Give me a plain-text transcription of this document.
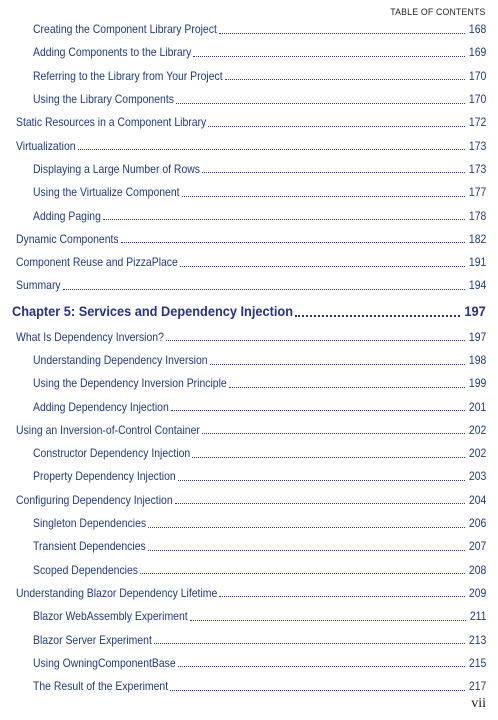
TABLE OF CONTENTS
Creating the Component Library Project	168
Adding Components to the Library	169
Referring to the Library from Your Project	170
Using the Library Components	170
Static Resources in a Component Library	172
Virtualization	173
Displaying a Large Number of Rows	173
Using the Virtualize Component	177
Adding Paging	178
Dynamic Components	182
Component Reuse and PizzaPlace	191
Summary	194
Chapter 5: Services and Dependency Injection	197
What Is Dependency Inversion?	197
Understanding Dependency Inversion	198
Using the Dependency Inversion Principle	199
Adding Dependency Injection	201
Using an Inversion-of-Control Container	202
Constructor Dependency Injection	202
Property Dependency Injection	203
Configuring Dependency Injection	204
Singleton Dependencies	206
Transient Dependencies	207
Scoped Dependencies	208
Understanding Blazor Dependency Lifetime	209
Blazor WebAssembly Experiment	211
Blazor Server Experiment	213
Using OwningComponentBase	215
The Result of the Experiment	217
vii
